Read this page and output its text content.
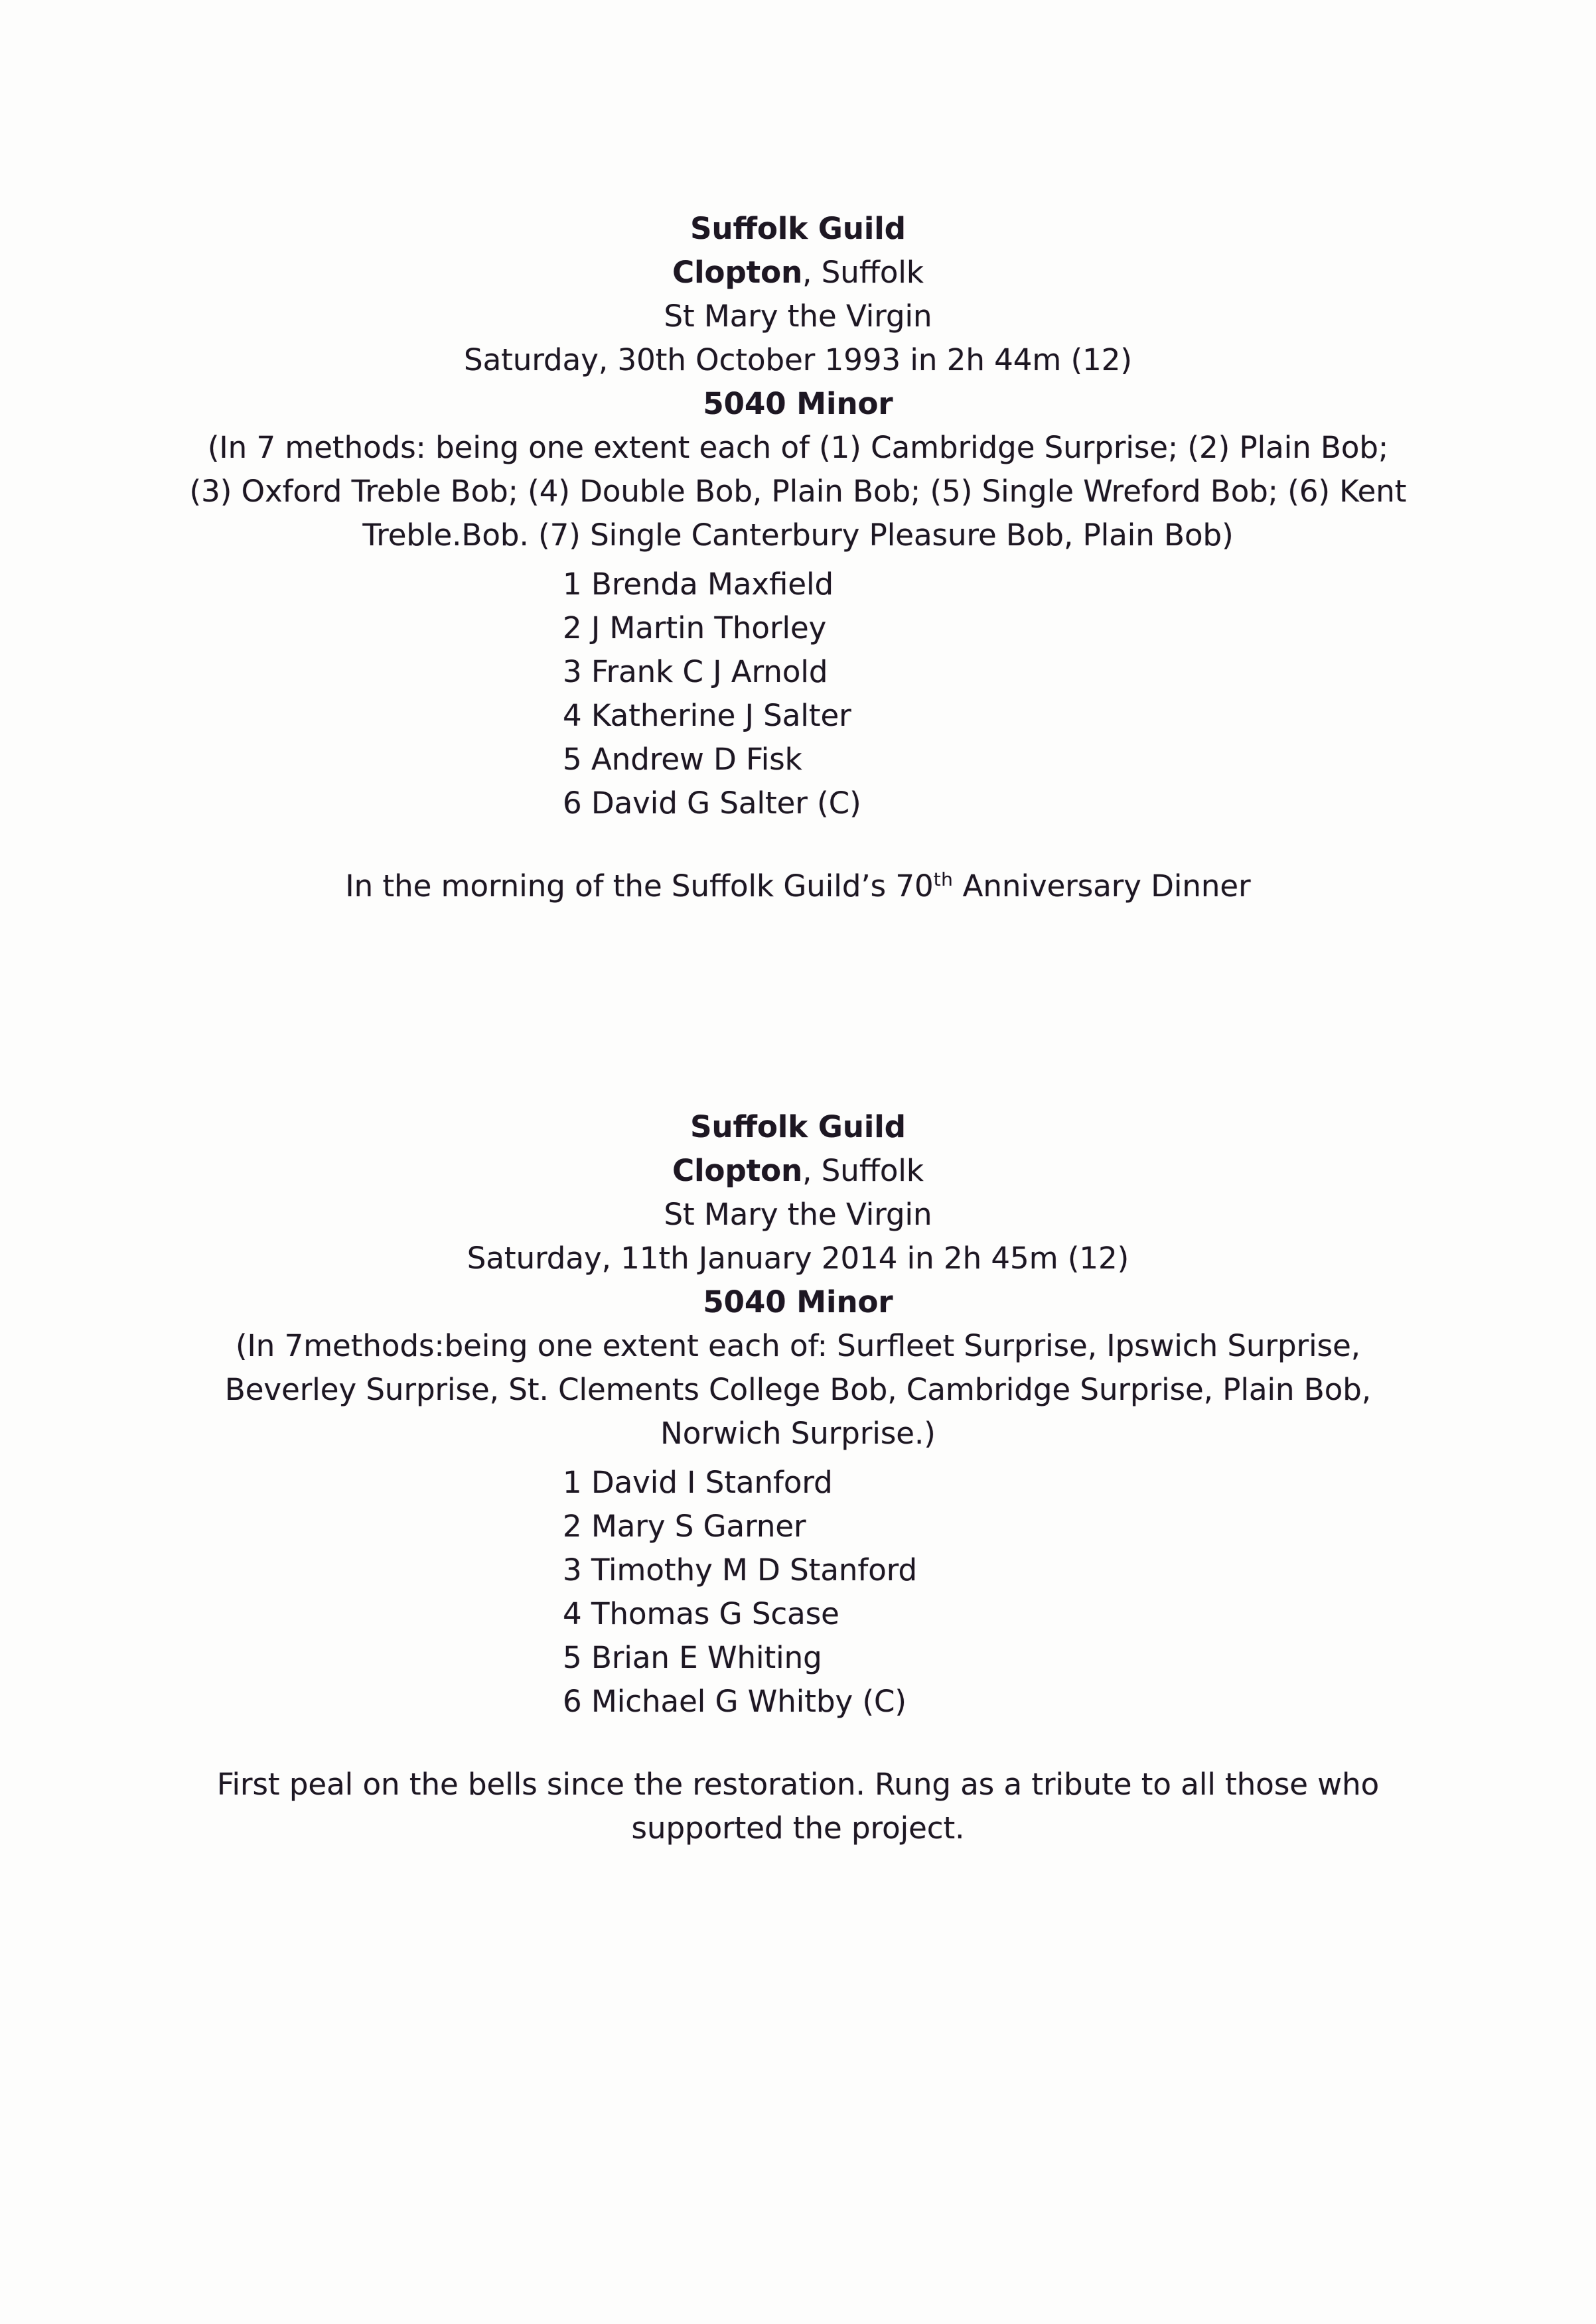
Suffolk Guild
Clopton, Suffolk
St Mary the Virgin
Saturday, 30th October 1993 in 2h 44m (12)
5040 Minor
(In 7 methods: being one extent each of (1) Cambridge Surprise; (2) Plain Bob;
(3) Oxford Treble Bob; (4) Double Bob, Plain Bob; (5) Single Wreford Bob; (6) Kent
Treble.Bob. (7) Single Canterbury Pleasure Bob, Plain Bob)
1 Brenda Maxfield
2 J Martin Thorley
3 Frank C J Arnold
4 Katherine J Salter
5 Andrew D Fisk
6 David G Salter (C)
In the morning of the Suffolk Guild’s 70th Anniversary Dinner
Suffolk Guild
Clopton, Suffolk
St Mary the Virgin
Saturday, 11th January 2014 in 2h 45m (12)
5040 Minor
(In 7methods:being one extent each of: Surfleet Surprise, Ipswich Surprise,
Beverley Surprise, St. Clements College Bob, Cambridge Surprise, Plain Bob,
Norwich Surprise.)
1 David I Stanford
2 Mary S Garner
3 Timothy M D Stanford
4 Thomas G Scase
5 Brian E Whiting
6 Michael G Whitby (C)
First peal on the bells since the restoration. Rung as a tribute to all those who
supported the project.
